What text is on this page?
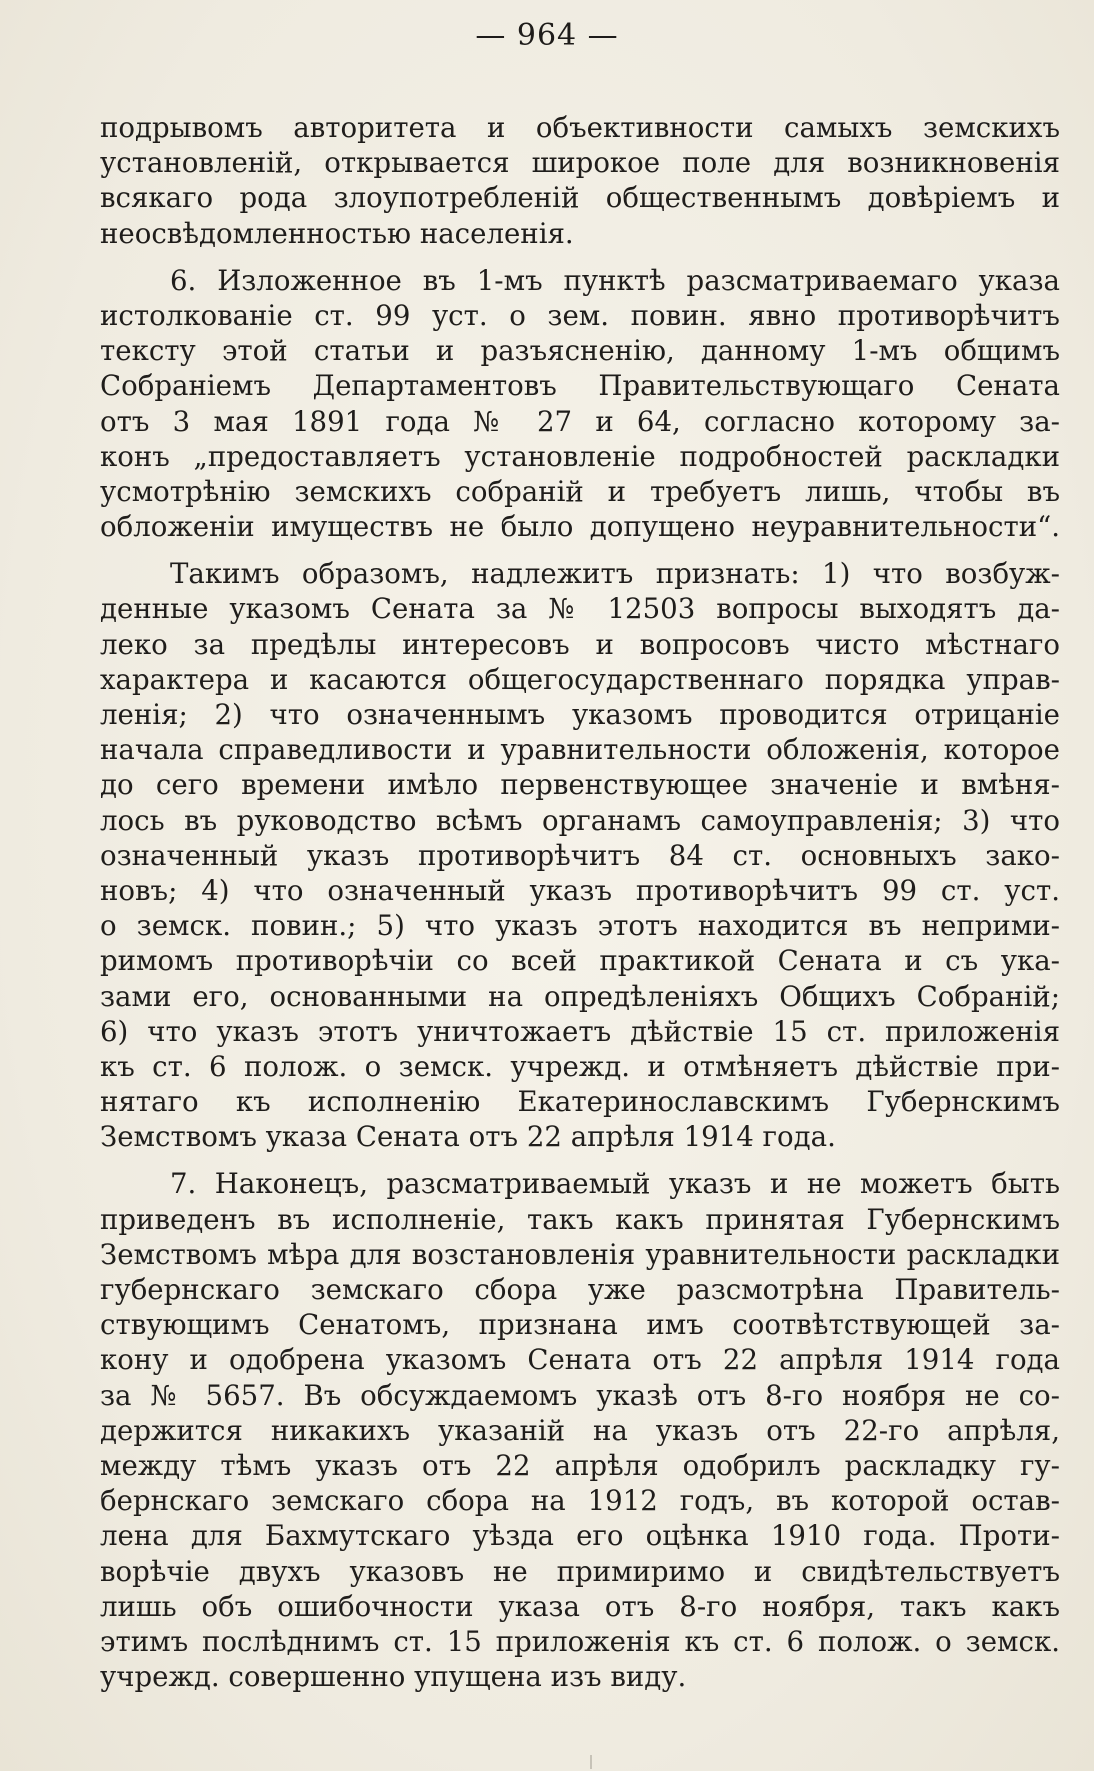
— 964 —
подрывомъ авторитета и объективности самыхъ земскихъ
установленій, открывается широкое поле для возникновенія
всякаго рода злоупотребленій общественнымъ довѣріемъ и
неосвѣдомленностью населенія.
6. Изложенное въ 1-мъ пунктѣ разсматриваемаго указа
истолкованіе ст. 99 уст. о зем. повин. явно противорѣчитъ
тексту этой статьи и разъясненію, данному 1-мъ общимъ
Собраніемъ Департаментовъ Правительствующаго Сената
отъ 3 мая 1891 года № 27 и 64, согласно которому за-
конъ „предоставляетъ установленіе подробностей раскладки
усмотрѣнію земскихъ собраній и требуетъ лишь, чтобы въ
обложеніи имуществъ не было допущено неуравнительности“.
Такимъ образомъ, надлежитъ признать: 1) что возбуж-
денные указомъ Сената за № 12503 вопросы выходятъ да-
леко за предѣлы интересовъ и вопросовъ чисто мѣстнаго
характера и касаются общегосударственнаго порядка управ-
ленія; 2) что означеннымъ указомъ проводится отрицаніе
начала справедливости и уравнительности обложенія, которое
до сего времени имѣло первенствующее значеніе и вмѣня-
лось въ руководство всѣмъ органамъ самоуправленія; 3) что
означенный указъ противорѣчитъ 84 ст. основныхъ зако-
новъ; 4) что означенный указъ противорѣчитъ 99 ст. уст.
о земск. повин.; 5) что указъ этотъ находится въ неприми-
римомъ противорѣчіи со всей практикой Сената и съ ука-
зами его, основанными на опредѣленіяхъ Общихъ Собраній;
6) что указъ этотъ уничтожаетъ дѣйствіе 15 ст. приложенія
къ ст. 6 полож. о земск. учрежд. и отмѣняетъ дѣйствіе при-
нятаго къ исполненію Екатеринославскимъ Губернскимъ
Земствомъ указа Сената отъ 22 апрѣля 1914 года.
7. Наконецъ, разсматриваемый указъ и не можетъ быть
приведенъ въ исполненіе, такъ какъ принятая Губернскимъ
Земствомъ мѣра для возстановленія уравнительности раскладки
губернскаго земскаго сбора уже разсмотрѣна Правитель-
ствующимъ Сенатомъ, признана имъ соотвѣтствующей за-
кону и одобрена указомъ Сената отъ 22 апрѣля 1914 года
за № 5657. Въ обсуждаемомъ указѣ отъ 8-го ноября не со-
держится никакихъ указаній на указъ отъ 22-го апрѣля,
между тѣмъ указъ отъ 22 апрѣля одобрилъ раскладку гу-
бернскаго земскаго сбора на 1912 годъ, въ которой остав-
лена для Бахмутскаго уѣзда его оцѣнка 1910 года. Проти-
ворѣчіе двухъ указовъ не примиримо и свидѣтельствуетъ
лишь объ ошибочности указа отъ 8-го ноября, такъ какъ
этимъ послѣднимъ ст. 15 приложенія къ ст. 6 полож. о земск.
учрежд. совершенно упущена изъ виду.
